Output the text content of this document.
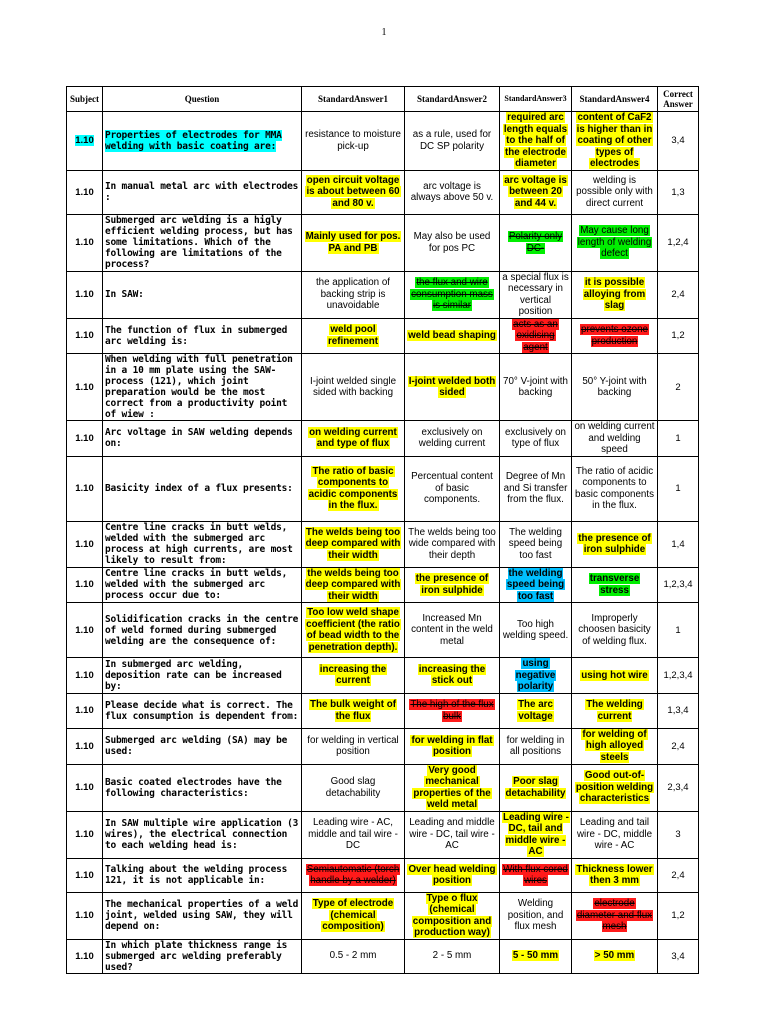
1
Subject	Question	StandardAnswer1	StandardAnswer2	StandardAnswer3	StandardAnswer4	Correct Answer
1.10	Properties of electrodes for MMA welding with basic coating are:	resistance to moisture pick-up	as a rule, used for DC SP polarity	required arc length equals to the half of the electrode diameter	content of CaF2 is higher than in coating of other types of electrodes	3,4
1.10	In manual metal arc with electrodes :	open circuit voltage is about between 60 and 80 v.	arc voltage is always above 50 v.	arc voltage is between 20 and 44 v.	welding is possible only with direct current	1,3
1.10	Submerged arc welding is a higly efficient welding process, but has some limitations. Which of the following are limitations of the process?	Mainly used for pos. PA and PB	May also be used for pos PC	Polarity only DC-	May cause long length of welding defect	1,2,4
1.10	In SAW:	the application of backing strip is unavoidable	the flux and wire consumption mass is similar	a special flux is necessary in vertical position	it is possible alloying from slag	2,4
1.10	The function of flux in submerged arc welding is:	weld pool refinement	weld bead shaping	acts as an oxidising agent	prevents ozone production	1,2
1.10	When welding with full penetration in a 10 mm plate using the SAW-process (121), which joint preparation would be the most correct from a productivity point of wiew :	I-joint welded single sided with backing	I-joint welded both sided	70° V-joint with backing	50° Y-joint with backing	2
1.10	Arc voltage in SAW welding depends on:	on welding current and type of flux	exclusively on welding current	exclusively on type of flux	on welding current and welding speed	1
1.10	Basicity index of a flux presents:	The ratio of basic components to acidic components in the flux.	Percentual content of basic components.	Degree of Mn and Si transfer from the flux.	The ratio of acidic components to basic components in the flux.	1
1.10	Centre line cracks in butt welds, welded with the submerged arc process at high currents, are most likely to result from:	The welds being too deep compared with their width	The welds being too wide compared with their depth	The welding speed being too fast	the presence of iron sulphide	1,4
1.10	Centre line cracks in butt welds, welded with the submerged arc process occur due to:	the welds being too deep compared with their width	the presence of iron sulphide	the welding speed being too fast	transverse stress	1,2,3,4
1.10	Solidification cracks in the centre of weld formed during submerged welding are the consequence of:	Too low weld shape coefficient (the ratio of bead width to the penetration depth).	Increased Mn content in the weld metal	Too high welding speed.	Improperly choosen basicity of welding flux.	1
1.10	In submerged arc welding, deposition rate can be increased by:	increasing the current	increasing the stick out	using negative polarity	using hot wire	1,2,3,4
1.10	Please decide what is correct. The flux consumption is dependent from:	The bulk weight of the flux	The high of the flux bulk	The arc voltage	The welding current	1,3,4
1.10	Submerged arc welding (SA) may be used:	for welding in vertical position	for welding in flat position	for welding in all positions	for welding of high alloyed steels	2,4
1.10	Basic coated electrodes have the following characteristics:	Good slag detachability	Very good mechanical properties of the weld metal	Poor slag detachability	Good out-of-position welding characteristics	2,3,4
1.10	In SAW multiple wire application (3 wires), the electrical connection to each welding head is:	Leading wire - AC, middle and tail wire - DC	Leading and middle wire - DC, tail wire - AC	Leading wire - DC, tail and middle wire - AC	Leading and tail wire - DC, middle wire - AC	3
1.10	Talking about the welding process 121, it is not applicable in:	Semiautomatic (torch handle by a welder)	Over head welding position	With flux cored wires	Thickness lower then 3 mm	2,4
1.10	The mechanical properties of a weld joint, welded using SAW, they will depend on:	Type of electrode (chemical composition)	Type o flux (chemical composition and production way)	Welding position, and flux mesh	electrode diameter and flux mesh	1,2
1.10	In which plate thickness range is submerged arc welding preferably used?	0.5 - 2 mm	2 - 5 mm	5 - 50 mm	> 50 mm	3,4
